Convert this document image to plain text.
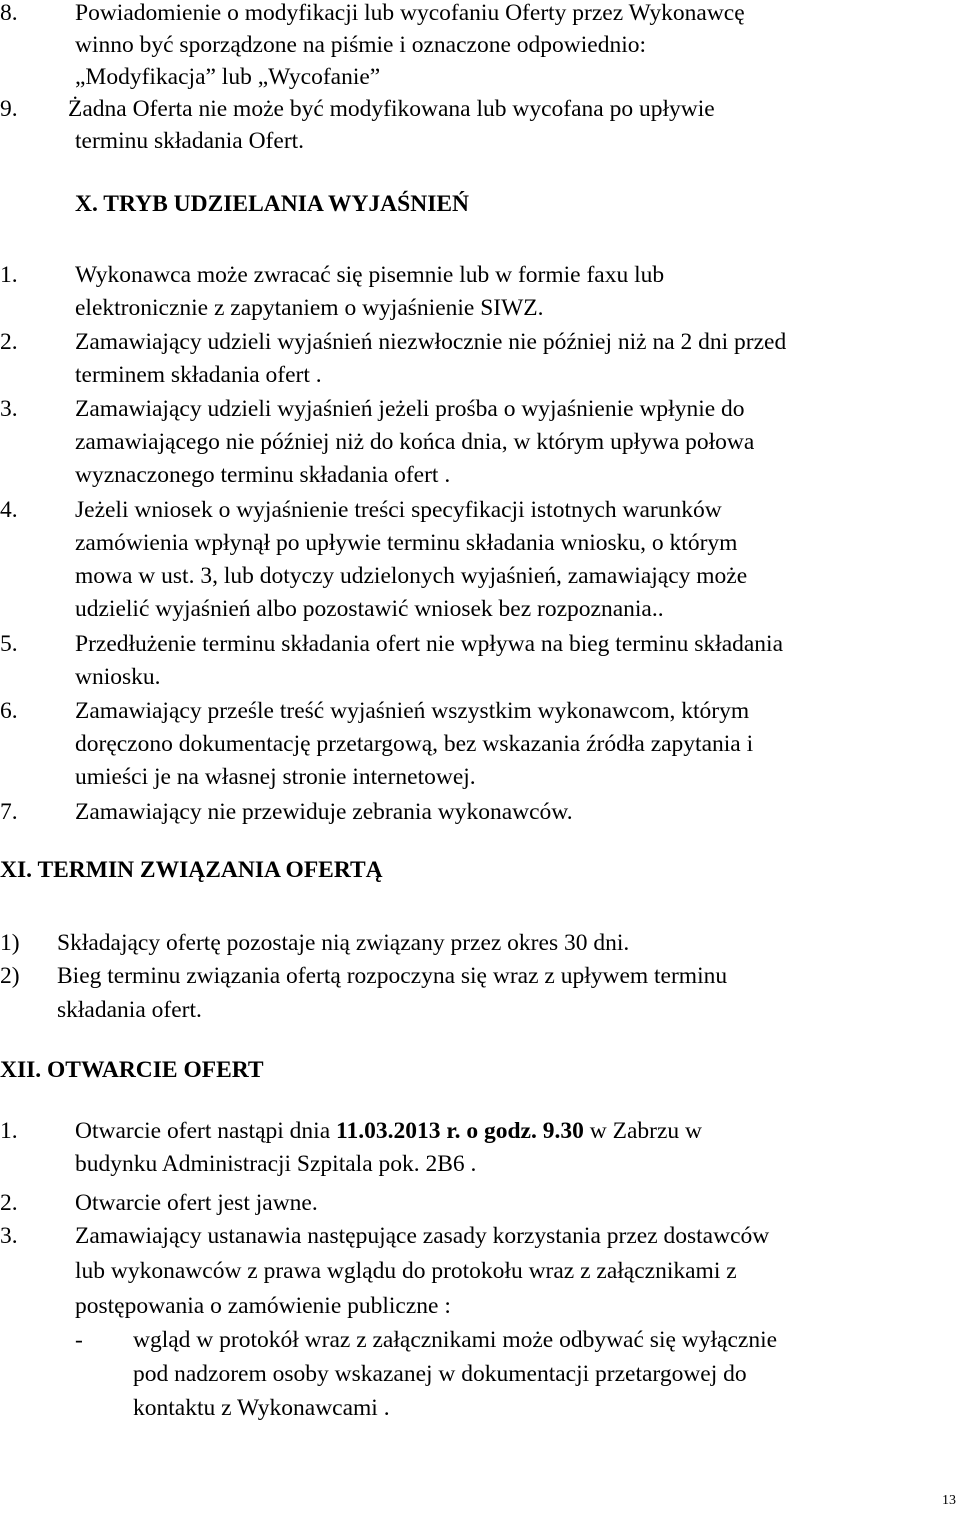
8. Powiadomienie o modyfikacji lub wycofaniu Oferty przez Wykonawcę
winno być sporządzone na piśmie i oznaczone odpowiednio:
„Modyfikacja” lub „Wycofanie”
9. Żadna Oferta nie może być modyfikowana lub wycofana po upływie
terminu składania Ofert.
X. TRYB UDZIELANIA WYJAŚNIEŃ
1. Wykonawca może zwracać się pisemnie lub w formie faxu lub
elektronicznie z zapytaniem o wyjaśnienie SIWZ.
2. Zamawiający udzieli wyjaśnień niezwłocznie nie później niż na 2 dni przed
terminem składania ofert .
3. Zamawiający udzieli wyjaśnień jeżeli prośba o wyjaśnienie wpłynie do
zamawiającego nie później niż do końca dnia, w którym upływa połowa
wyznaczonego terminu składania ofert .
4. Jeżeli wniosek o wyjaśnienie treści specyfikacji istotnych warunków
zamówienia wpłynął po upływie terminu składania wniosku, o którym
mowa w ust. 3, lub dotyczy udzielonych wyjaśnień, zamawiający może
udzielić wyjaśnień albo pozostawić wniosek bez rozpoznania..
5. Przedłużenie terminu składania ofert nie wpływa na bieg terminu składania
wniosku.
6. Zamawiający prześle treść wyjaśnień wszystkim wykonawcom, którym
doręczono dokumentację przetargową, bez wskazania źródła zapytania i
umieści je na własnej stronie internetowej.
7. Zamawiający nie przewiduje zebrania wykonawców.
XI. TERMIN ZWIĄZANIA OFERTĄ
1) Składający ofertę pozostaje nią związany przez okres 30 dni.
2) Bieg terminu związania ofertą rozpoczyna się wraz z upływem terminu
składania ofert.
XII. OTWARCIE OFERT
1. Otwarcie ofert nastąpi dnia 11.03.2013 r. o godz. 9.30 w Zabrzu w
budynku Administracji Szpitala pok. 2B6 .
2. Otwarcie ofert jest jawne.
3. Zamawiający ustanawia następujące zasady korzystania przez dostawców
lub wykonawców z prawa wglądu do protokołu wraz z załącznikami z
postępowania o zamówienie publiczne :
- wgląd w protokół wraz z załącznikami może odbywać się wyłącznie
pod nadzorem osoby wskazanej w dokumentacji przetargowej do
kontaktu z Wykonawcami .
13
